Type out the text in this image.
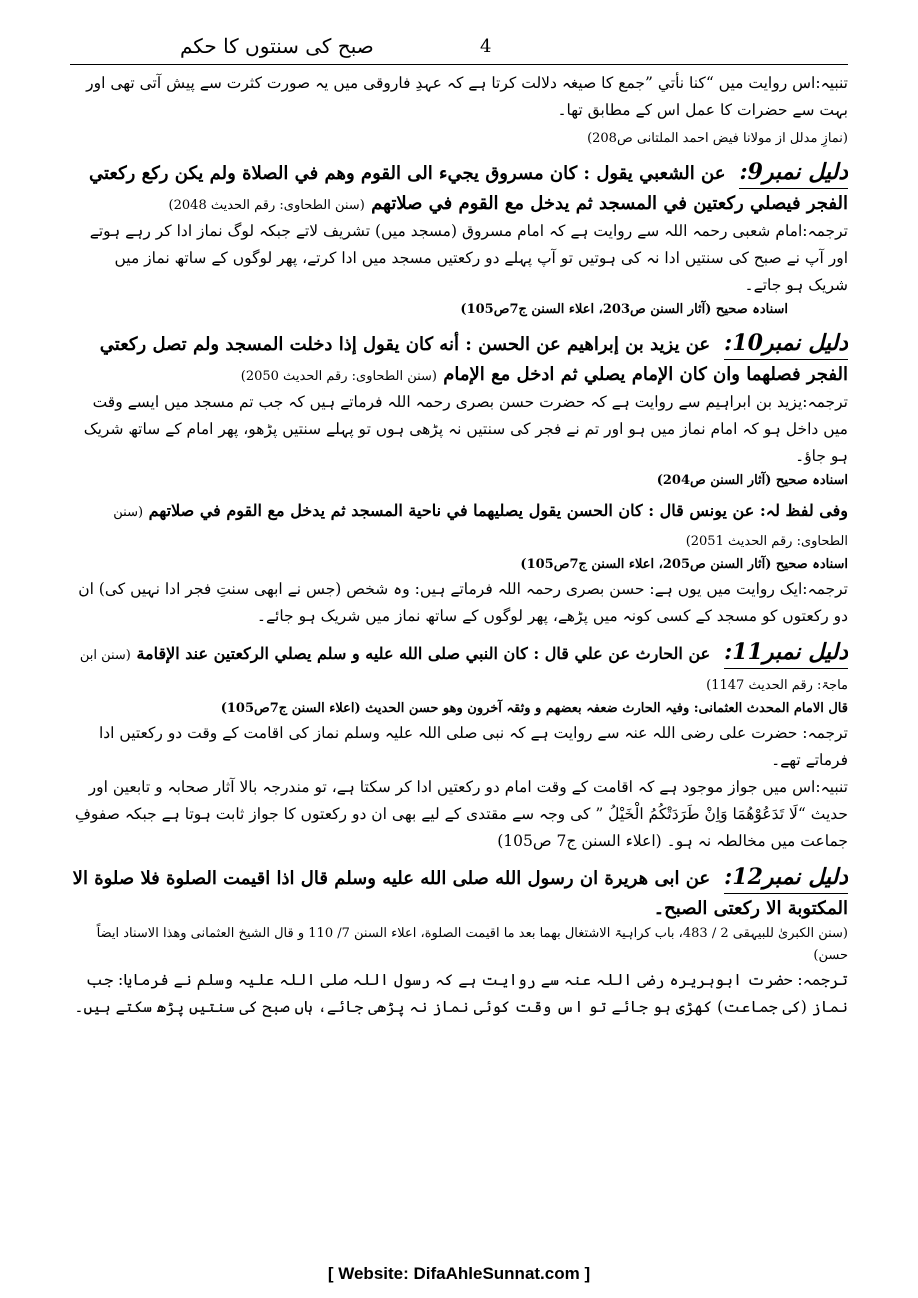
صبح کی سنتوں کا حکم	4

تنبیہ:اس روایت میں “کنا نأتي ”جمع کا صیغہ دلالت کرتا ہے کہ عہدِ فاروقی میں یہ صورت کثرت سے پیش آتی تھی اور بہت سے حضرات کا عمل اس کے مطابق تھا۔

(نمازِ مدلل از مولانا فیض احمد الملتانی ص208)

دلیل نمبر9:عن الشعبي يقول : كان مسروق يجيء الى القوم وهم في الصلاة ولم يكن ركع ركعتي الفجر فيصلي ركعتين في المسجد ثم يدخل مع القوم في صلاتهم (سنن الطحاوی: رقم الحدیث 2048)

ترجمہ:امام شعبی رحمہ اللہ سے روایت ہے کہ امام مسروق (مسجد میں) تشریف لاتے جبکہ لوگ نماز ادا کر رہے ہوتے اور آپ نے صبح کی سنتیں ادا نہ کی ہوتیں تو آپ پہلے دو رکعتیں مسجد میں ادا کرتے، پھر لوگوں کے ساتھ نماز میں شریک ہو جاتے۔

اسنادہ صحیح (آثار السنن ص203، اعلاء السنن ج7ص105)

دلیل نمبر10:عن يزيد بن إبراهيم عن الحسن : أنه كان يقول إذا دخلت المسجد ولم تصل ركعتي الفجر فصلهما وان كان الإمام يصلي ثم ادخل مع الإمام (سنن الطحاوی: رقم الحدیث 2050)

ترجمہ:یزید بن ابراہیم سے روایت ہے کہ حضرت حسن بصری رحمہ اللہ فرماتے ہیں کہ جب تم مسجد میں ایسے وقت میں داخل ہو کہ امام نماز میں ہو اور تم نے فجر کی سنتیں نہ پڑھی ہوں تو پہلے سنتیں پڑھو، پھر امام کے ساتھ شریک ہو جاؤ۔

اسنادہ صحیح (آثار السنن ص204)

وفی لفظ لہ: عن يونس قال : كان الحسن يقول يصليهما في ناحية المسجد ثم يدخل مع القوم في صلاتهم (سنن الطحاوی: رقم الحدیث 2051)

اسنادہ صحیح (آثار السنن ص205، اعلاء السنن ج7ص105)

ترجمہ:ایک روایت میں یوں ہے: حسن بصری رحمہ اللہ فرماتے ہیں: وہ شخص (جس نے ابھی سنتِ فجر ادا نہیں کی) ان دو رکعتوں کو مسجد کے کسی کونہ میں پڑھے، پھر لوگوں کے ساتھ نماز میں شریک ہو جائے۔

دلیل نمبر11:عن الحارث عن علي قال : كان النبي صلى الله عليه و سلم يصلي الركعتين عند الإقامة (سنن ابن ماجۃ: رقم الحدیث 1147)

قال الامام المحدث العثمانی: وفیہ الحارث ضعفہ بعضھم و وثقہ آخرون وھو حسن الحدیث (اعلاء السنن ج7ص105)

ترجمہ: حضرت علی رضی اللہ عنہ سے روایت ہے کہ نبی صلی اللہ علیہ وسلم نماز کی اقامت کے وقت دو رکعتیں ادا فرماتے تھے۔

تنبیہ:اس میں جواز موجود ہے کہ اقامت کے وقت امام دو رکعتیں ادا کر سکتا ہے، تو مندرجہ بالا آثار صحابہ و تابعین اور حدیث “لَا تَدَعُوْهُمَا وَاِنْ طَرَدَتْكُمُ الْخَيْلُ ” کی وجہ سے مقتدی کے لیے بھی ان دو رکعتوں کا جواز ثابت ہوتا ہے جبکہ صفوفِ جماعت میں مخالطہ نہ ہو۔ (اعلاء السنن ج7 ص105)

دلیل نمبر12:عن ابی ھریرة ان رسول الله صلی الله علیه وسلم قال اذا اقیمت الصلوة فلا صلوة الا المکتوبة الا رکعتی الصبح۔

(سنن الکبریٰ للبیہقی 2 / 483، باب کراہیۃ الاشتغال بھما بعد ما اقیمت الصلوة، اعلاء السنن 7/ 110 و قال الشیخ العثمانی وھذا الاسناد ایضاً حسن)

ترجمہ: حضرت ابوہریرہ رضی اللہ عنہ سے روایت ہے کہ رسول اللہ صلی اللہ علیہ وسلم نے فرمایا: جب نماز (کی جماعت) کھڑی ہو جائے تو اس وقت کوئی نماز نہ پڑھی جائے، ہاں صبح کی سنتیں پڑھ سکتے ہیں۔

[ Website: DifaAhleSunnat.com ]
